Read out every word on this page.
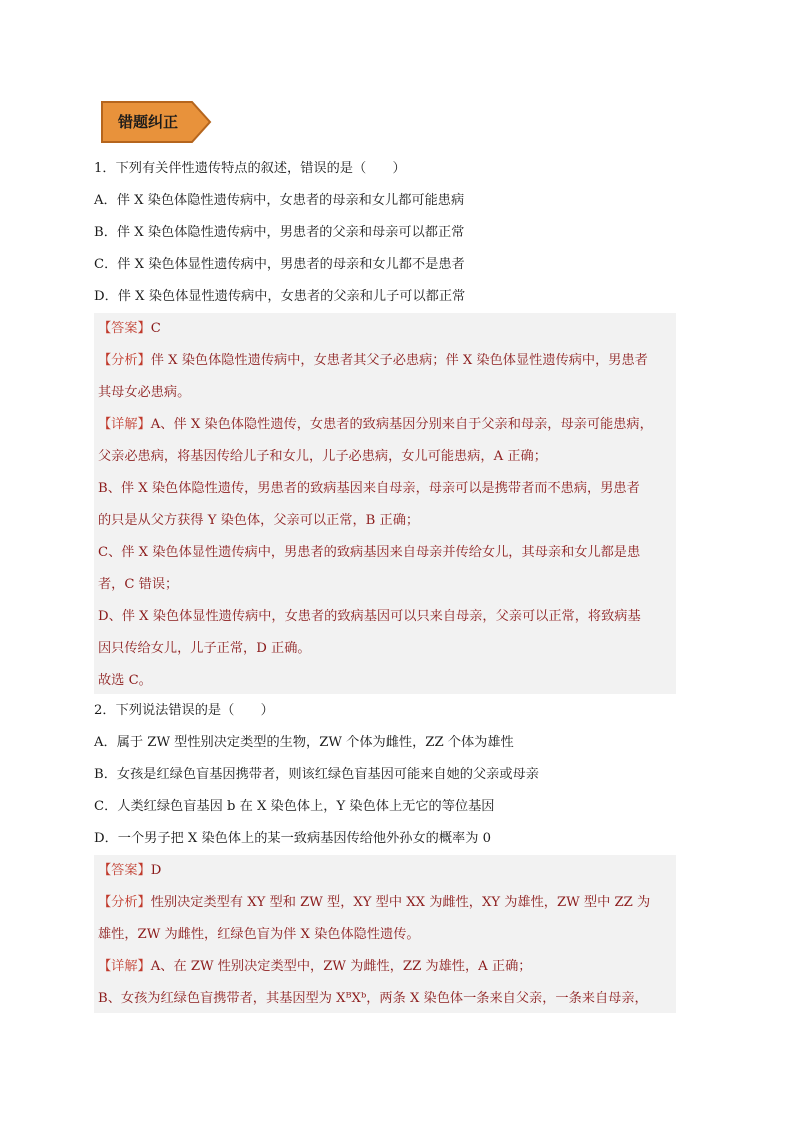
错题纠正
1．下列有关伴性遗传特点的叙述，错误的是（　　）
A．伴 X 染色体隐性遗传病中，女患者的母亲和女儿都可能患病
B．伴 X 染色体隐性遗传病中，男患者的父亲和母亲可以都正常
C．伴 X 染色体显性遗传病中，男患者的母亲和女儿都不是患者
D．伴 X 染色体显性遗传病中，女患者的父亲和儿子可以都正常
【答案】C
【分析】伴 X 染色体隐性遗传病中，女患者其父子必患病；伴 X 染色体显性遗传病中，男患者
其母女必患病。
【详解】A、伴 X 染色体隐性遗传，女患者的致病基因分别来自于父亲和母亲，母亲可能患病，
父亲必患病，将基因传给儿子和女儿，儿子必患病，女儿可能患病，A 正确；
B、伴 X 染色体隐性遗传，男患者的致病基因来自母亲，母亲可以是携带者而不患病，男患者
的只是从父方获得 Y 染色体，父亲可以正常，B 正确；
C、伴 X 染色体显性遗传病中，男患者的致病基因来自母亲并传给女儿，其母亲和女儿都是患
者，C 错误；
D、伴 X 染色体显性遗传病中，女患者的致病基因可以只来自母亲，父亲可以正常，将致病基
因只传给女儿，儿子正常，D 正确。
故选 C。
2．下列说法错误的是（　　）
A．属于 ZW 型性别决定类型的生物，ZW 个体为雌性，ZZ 个体为雄性
B．女孩是红绿色盲基因携带者，则该红绿色盲基因可能来自她的父亲或母亲
C．人类红绿色盲基因 b 在 X 染色体上，Y 染色体上无它的等位基因
D．一个男子把 X 染色体上的某一致病基因传给他外孙女的概率为 0
【答案】D
【分析】性别决定类型有 XY 型和 ZW 型，XY 型中 XX 为雌性，XY 为雄性，ZW 型中 ZZ 为
雄性，ZW 为雌性，红绿色盲为伴 X 染色体隐性遗传。
【详解】A、在 ZW 性别决定类型中，ZW 为雌性，ZZ 为雄性，A 正确；
B、女孩为红绿色盲携带者，其基因型为 XᴮXᵇ，两条 X 染色体一条来自父亲，一条来自母亲，
